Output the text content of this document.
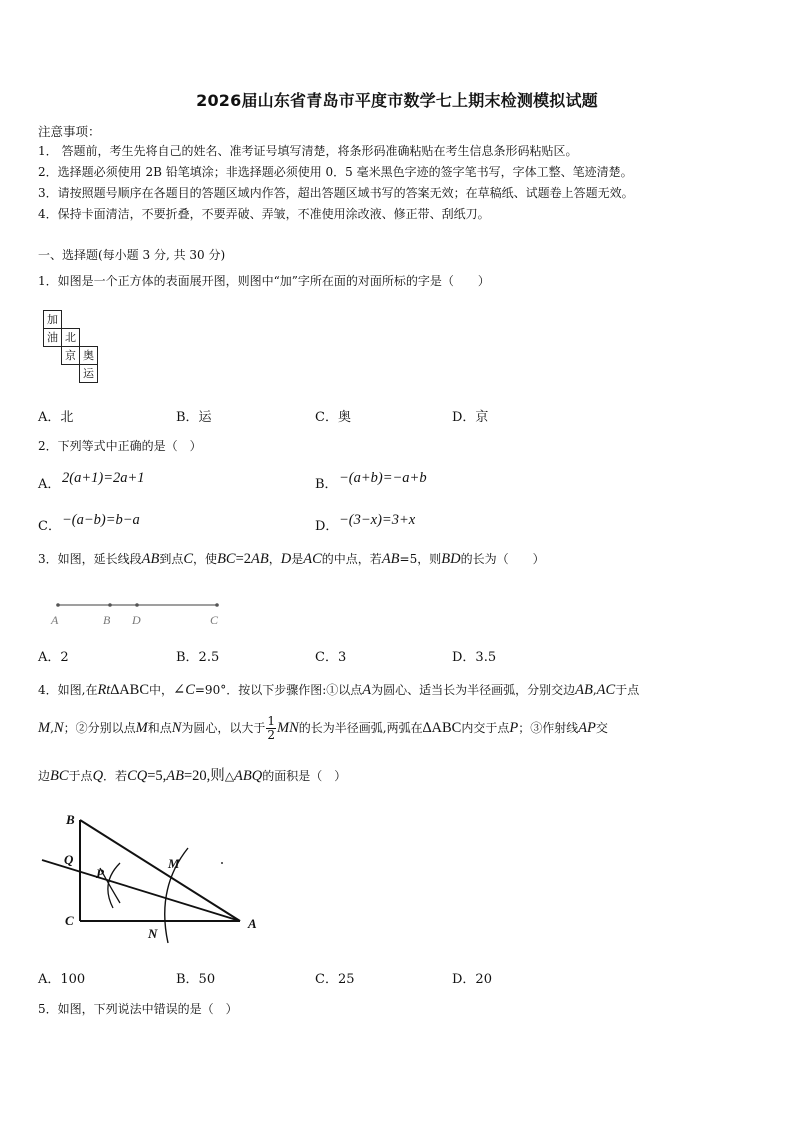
2026届山东省青岛市平度市数学七上期末检测模拟试题
注意事项：
1． 答题前，考生先将自己的姓名、准考证号填写清楚，将条形码准确粘贴在考生信息条形码粘贴区。
2．选择题必须使用 2B 铅笔填涂；非选择题必须使用 0．5 毫米黑色字迹的签字笔书写，字体工整、笔迹清楚。
3．请按照题号顺序在各题目的答题区域内作答，超出答题区域书写的答案无效；在草稿纸、试题卷上答题无效。
4．保持卡面清洁，不要折叠，不要弄破、弄皱，不准使用涂改液、修正带、刮纸刀。
一、选择题(每小题 3 分, 共 30 分)
1．如图是一个正方体的表面展开图，则图中“加”字所在面的对面所标的字是（　　）
加
油 北
京 奥
运
A．北	B．运	C．奥	D．京
2．下列等式中正确的是（　）
A． 2(a+1)=2a+1	B． −(a+b)=−a+b
C． −(a−b)=b−a	D． −(3−x)=3+x
3．如图，延长线段AB到点C，使BC=2AB，D是AC的中点，若AB=5，则BD的长为（　　）
A	B D	C
A．2	B．2.5	C．3	D．3.5
4．如图,在Rt∆ABC中，∠C=90°．按以下步骤作图:①以点A为圆心、适当长为半径画弧，分别交边AB,AC于点
M,N；②分别以点M和点N为圆心，以大于 $\frac{1}{2}$ MN的长为半径画弧,两弧在∆ABC内交于点P；③作射线AP交
边BC于点Q．若CQ=5,AB=20,则△ABQ的面积是（　）
B
Q
P
M
C
N
A
A．100	B．50	C．25	D．20
5．如图，下列说法中错误的是（　）
